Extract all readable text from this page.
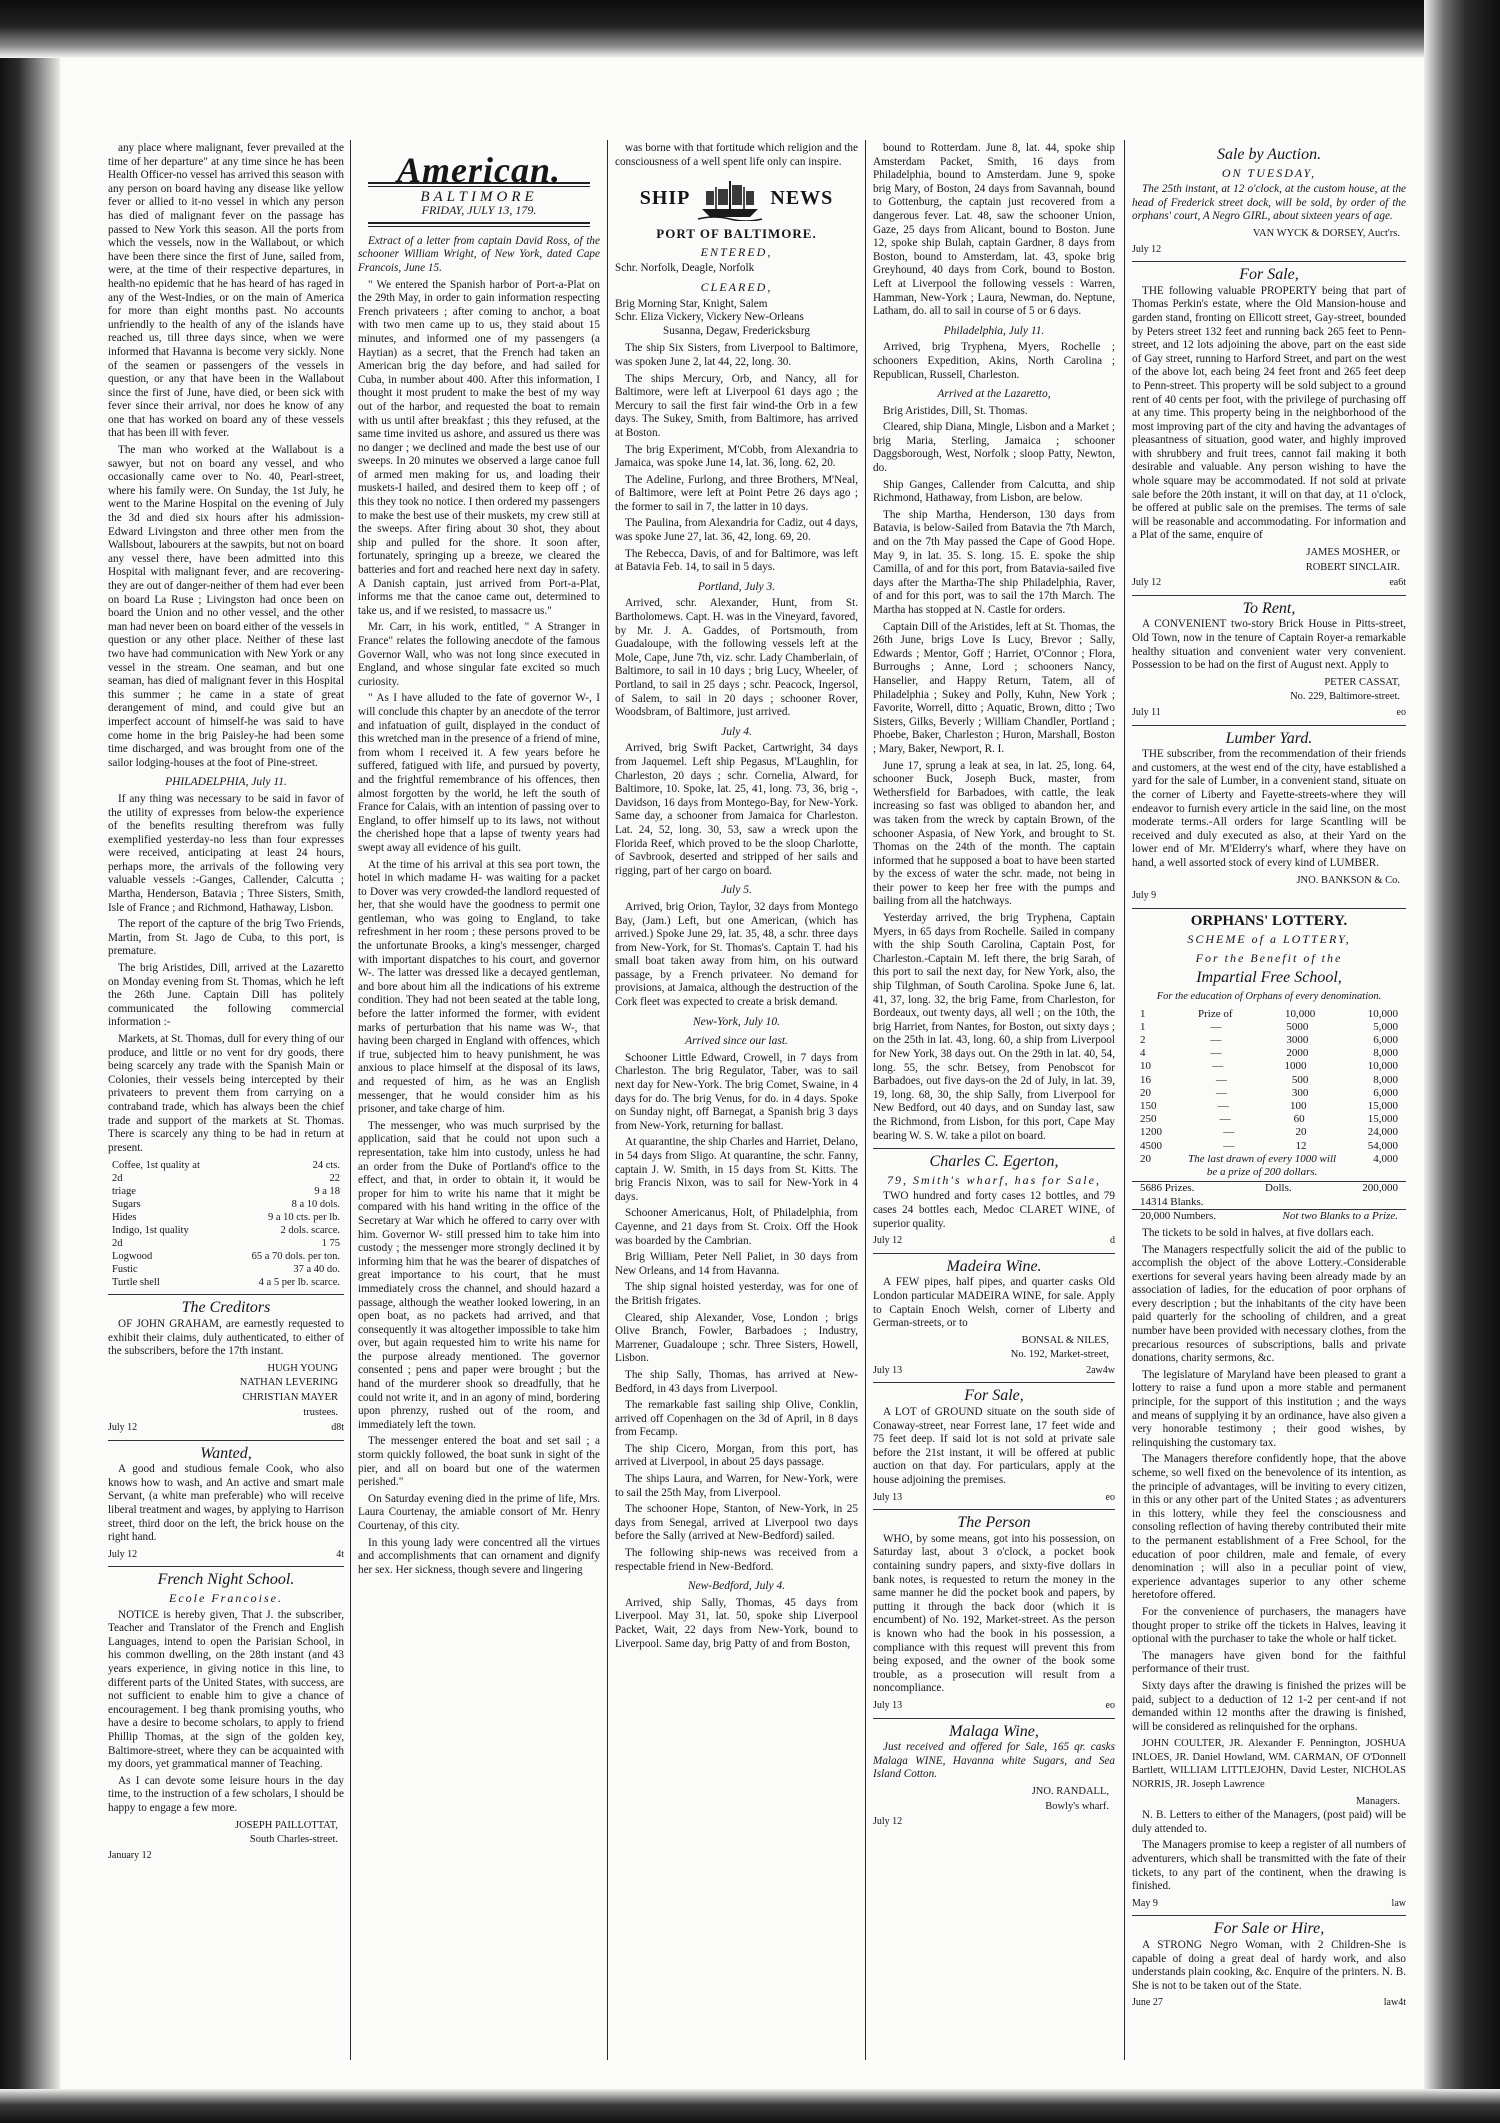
any place where malignant, fever prevailed at the time of her departure" at any time since he has been Health Officer-no vessel has arrived this season with any person on board having any disease like yellow fever or allied to it-no vessel in which any person has died of malignant fever on the passage has passed to New York this season. All the ports from which the vessels, now in the Wallabout, or which have been there since the first of June, sailed from, were, at the time of their respective departures, in health-no epidemic that he has heard of has raged in any of the West-Indies, or on the main of America for more than eight months past. No accounts unfriendly to the health of any of the islands have reached us, till three days since, when we were informed that Havanna is become very sickly. None of the seamen or passengers of the vessels in question, or any that have been in the Wallabout since the first of June, have died, or been sick with fever since their arrival, nor does he know of any one that has worked on board any of these vessels that has been ill with fever.

The man who worked at the Wallabout is a sawyer, but not on board any vessel, and who occasionally came over to No. 40, Pearl-street, where his family were. On Sunday, the 1st July, he went to the Marine Hospital on the evening of July the 3d and died six hours after his admission-Edward Livingston and three other men from the Wallsbout, labourers at the sawpits, but not on board any vessel there, have been admitted into this Hospital with malignant fever, and are recovering-they are out of danger-neither of them had ever been on board La Ruse ; Livingston had once been on board the Union and no other vessel, and the other man had never been on board either of the vessels in question or any other place. Neither of these last two have had communication with New York or any vessel in the stream. One seaman, and but one seaman, has died of malignant fever in this Hospital this summer ; he came in a state of great derangement of mind, and could give but an imperfect account of himself-he was said to have come home in the brig Paisley-he had been some time discharged, and was brought from one of the sailor lodging-houses at the foot of Pine-street.

PHILADELPHIA, July 11.

If any thing was necessary to be said in favor of the utility of expresses from below-the experience of the benefits resulting therefrom was fully exemplified yesterday-no less than four expresses were received, anticipating at least 24 hours, perhaps more, the arrivals of the following very valuable vessels :-Ganges, Callender, Calcutta ; Martha, Henderson, Batavia ; Three Sisters, Smith, Isle of France ; and Richmond, Hathaway, Lisbon.

The report of the capture of the brig Two Friends, Martin, from St. Jago de Cuba, to this port, is premature.

The brig Aristides, Dill, arrived at the Lazaretto on Monday evening from St. Thomas, which he left the 26th June. Captain Dill has politely communicated the following commercial information :-

Markets, at St. Thomas, dull for every thing of our produce, and little or no vent for dry goods, there being scarcely any trade with the Spanish Main or Colonies, their vessels being intercepted by their privateers to prevent them from carrying on a contraband trade, which has always been the chief trade and support of the markets at St. Thomas. There is scarcely any thing to be had in return at present.

Coffee, 1st quality at	24 cts.
2d	22
triage	9 a 18
Sugars	8 a 10 dols.
Hides	9 a 10 cts. per lb.
Indigo, 1st quality	2 dols. scarce.
2d	1 75
Logwood	65 a 70 dols. per ton.
Fustic	37 a 40 do.
Turtle shell	4 a 5 per lb. scarce.
The Creditors

OF JOHN GRAHAM, are earnestly requested to exhibit their claims, duly authenticated, to either of the subscribers, before the 17th instant.

HUGH YOUNG
NATHAN LEVERING
CHRISTIAN MAYER
trustees.
July 12	d8t
Wanted,

A good and studious female Cook, who also knows how to wash, and An active and smart male Servant, (a white man preferable) who will receive liberal treatment and wages, by applying to Harrison street, third door on the left, the brick house on the right hand.

July 12	4t
French Night School.
Ecole Francoise.

NOTICE is hereby given, That J. the subscriber, Teacher and Translator of the French and English Languages, intend to open the Parisian School, in his common dwelling, on the 28th instant (and 43 years experience, in giving notice in this line, to different parts of the United States, with success, are not sufficient to enable him to give a chance of encouragement. I beg thank promising youths, who have a desire to become scholars, to apply to friend Phillip Thomas, at the sign of the golden key, Baltimore-street, where they can be acquainted with my doors, yet grammatical manner of Teaching.

As I can devote some leisure hours in the day time, to the instruction of a few scholars, I should be happy to engage a few more.

JOSEPH PAILLOTTAT,
South Charles-street.
January 12
American.
BALTIMORE
FRIDAY, JULY 13, 179.

Extract of a letter from captain David Ross, of the schooner William Wright, of New York, dated Cape Francois, June 15.

" We entered the Spanish harbor of Port-a-Plat on the 29th May, in order to gain information respecting French privateers ; after coming to anchor, a boat with two men came up to us, they staid about 15 minutes, and informed one of my passengers (a Haytian) as a secret, that the French had taken an American brig the day before, and had sailed for Cuba, in number about 400. After this information, I thought it most prudent to make the best of my way out of the harbor, and requested the boat to remain with us until after breakfast ; this they refused, at the same time invited us ashore, and assured us there was no danger ; we declined and made the best use of our sweeps. In 20 minutes we observed a large canoe full of armed men making for us, and loading their muskets-I hailed, and desired them to keep off ; of this they took no notice. I then ordered my passengers to make the best use of their muskets, my crew still at the sweeps. After firing about 30 shot, they about ship and pulled for the shore. It soon after, fortunately, springing up a breeze, we cleared the batteries and fort and reached here next day in safety. A Danish captain, just arrived from Port-a-Plat, informs me that the canoe came out, determined to take us, and if we resisted, to massacre us."

Mr. Carr, in his work, entitled, " A Stranger in France" relates the following anecdote of the famous Governor Wall, who was not long since executed in England, and whose singular fate excited so much curiosity.

" As I have alluded to the fate of governor W-, I will conclude this chapter by an anecdote of the terror and infatuation of guilt, displayed in the conduct of this wretched man in the presence of a friend of mine, from whom I received it. A few years before he suffered, fatigued with life, and pursued by poverty, and the frightful remembrance of his offences, then almost forgotten by the world, he left the south of France for Calais, with an intention of passing over to England, to offer himself up to its laws, not without the cherished hope that a lapse of twenty years had swept away all evidence of his guilt.

At the time of his arrival at this sea port town, the hotel in which madame H- was waiting for a packet to Dover was very crowded-the landlord requested of her, that she would have the goodness to permit one gentleman, who was going to England, to take refreshment in her room ; these persons proved to be the unfortunate Brooks, a king's messenger, charged with important dispatches to his court, and governor W-. The latter was dressed like a decayed gentleman, and bore about him all the indications of his extreme condition. They had not been seated at the table long, before the latter informed the former, with evident marks of perturbation that his name was W-, that having been charged in England with offences, which if true, subjected him to heavy punishment, he was anxious to place himself at the disposal of its laws, and requested of him, as he was an English messenger, that he would consider him as his prisoner, and take charge of him.

The messenger, who was much surprised by the application, said that he could not upon such a representation, take him into custody, unless he had an order from the Duke of Portland's office to the effect, and that, in order to obtain it, it would be proper for him to write his name that it might be compared with his hand writing in the office of the Secretary at War which he offered to carry over with him. Governor W- still pressed him to take him into custody ; the messenger more strongly declined it by informing him that he was the bearer of dispatches of great importance to his court, that he must immediately cross the channel, and should hazard a passage, although the weather looked lowering, in an open boat, as no packets had arrived, and that consequently it was altogether impossible to take him over, but again requested him to write his name for the purpose already mentioned. The governor consented ; pens and paper were brought ; but the hand of the murderer shook so dreadfully, that he could not write it, and in an agony of mind, bordering upon phrenzy, rushed out of the room, and immediately left the town.

The messenger entered the boat and set sail ; a storm quickly followed, the boat sunk in sight of the pier, and all on board but one of the watermen perished."

On Saturday evening died in the prime of life, Mrs. Laura Courtenay, the amiable consort of Mr. Henry Courtenay, of this city.

In this young lady were concentred all the virtues and accomplishments that can ornament and dignify her sex. Her sickness, though severe and lingering

was borne with that fortitude which religion and the consciousness of a well spent life only can inspire.

SHIP	NEWS
PORT OF BALTIMORE.
ENTERED,
Schr. Norfolk, Deagle, Norfolk
CLEARED,
Brig Morning Star, Knight, Salem
Schr. Eliza Vickery, Vickery New-Orleans
Susanna, Degaw, Fredericksburg

The ship Six Sisters, from Liverpool to Baltimore, was spoken June 2, lat 44, 22, long. 30.

The ships Mercury, Orb, and Nancy, all for Baltimore, were left at Liverpool 61 days ago ; the Mercury to sail the first fair wind-the Orb in a few days. The Sukey, Smith, from Baltimore, has arrived at Boston.

The brig Experiment, M'Cobb, from Alexandria to Jamaica, was spoke June 14, lat. 36, long. 62, 20.

The Adeline, Furlong, and three Brothers, M'Neal, of Baltimore, were left at Point Petre 26 days ago ; the former to sail in 7, the latter in 10 days.

The Paulina, from Alexandria for Cadiz, out 4 days, was spoke June 27, lat. 36, 42, long. 69, 20.

The Rebecca, Davis, of and for Baltimore, was left at Batavia Feb. 14, to sail in 5 days.

Portland, July 3.

Arrived, schr. Alexander, Hunt, from St. Bartholomews. Capt. H. was in the Vineyard, favored, by Mr. J. A. Gaddes, of Portsmouth, from Guadaloupe, with the following vessels left at the Mole, Cape, June 7th, viz. schr. Lady Chamberlain, of Baltimore, to sail in 10 days ; brig Lucy, Wheeler, of Portland, to sail in 25 days ; schr. Peacock, Ingersol, of Salem, to sail in 20 days ; schooner Rover, Woodsbram, of Baltimore, just arrived.

July 4.

Arrived, brig Swift Packet, Cartwright, 34 days from Jaquemel. Left ship Pegasus, M'Laughlin, for Charleston, 20 days ; schr. Cornelia, Alward, for Baltimore, 10. Spoke, lat. 25, 41, long. 73, 36, brig -, Davidson, 16 days from Montego-Bay, for New-York. Same day, a schooner from Jamaica for Charleston. Lat. 24, 52, long. 30, 53, saw a wreck upon the Florida Reef, which proved to be the sloop Charlotte, of Savbrook, deserted and stripped of her sails and rigging, part of her cargo on board.

July 5.

Arrived, brig Orion, Taylor, 32 days from Montego Bay, (Jam.) Left, but one American, (which has arrived.) Spoke June 29, lat. 35, 48, a schr. three days from New-York, for St. Thomas's. Captain T. had his small boat taken away from him, on his outward passage, by a French privateer. No demand for provisions, at Jamaica, although the destruction of the Cork fleet was expected to create a brisk demand.

New-York, July 10.
Arrived since our last.

Schooner Little Edward, Crowell, in 7 days from Charleston. The brig Regulator, Taber, was to sail next day for New-York. The brig Comet, Swaine, in 4 days for do. The brig Venus, for do. in 4 days. Spoke on Sunday night, off Barnegat, a Spanish brig 3 days from New-York, returning for ballast.

At quarantine, the ship Charles and Harriet, Delano, in 54 days from Sligo. At quarantine, the schr. Fanny, captain J. W. Smith, in 15 days from St. Kitts. The brig Francis Nixon, was to sail for New-York in 4 days.

Schooner Americanus, Holt, of Philadelphia, from Cayenne, and 21 days from St. Croix. Off the Hook was boarded by the Cambrian.

Brig William, Peter Nell Paliet, in 30 days from New Orleans, and 14 from Havanna.

The ship signal hoisted yesterday, was for one of the British frigates.

Cleared, ship Alexander, Vose, London ; brigs Olive Branch, Fowler, Barbadoes ; Industry, Marrener, Guadaloupe ; schr. Three Sisters, Howell, Lisbon.

The ship Sally, Thomas, has arrived at New-Bedford, in 43 days from Liverpool.

The remarkable fast sailing ship Olive, Conklin, arrived off Copenhagen on the 3d of April, in 8 days from Fecamp.

The ship Cicero, Morgan, from this port, has arrived at Liverpool, in about 25 days passage.

The ships Laura, and Warren, for New-York, were to sail the 25th May, from Liverpool.

The schooner Hope, Stanton, of New-York, in 25 days from Senegal, arrived at Liverpool two days before the Sally (arrived at New-Bedford) sailed.

The following ship-news was received from a respectable friend in New-Bedford.

New-Bedford, July 4.

Arrived, ship Sally, Thomas, 45 days from Liverpool. May 31, lat. 50, spoke ship Liverpool Packet, Wait, 22 days from New-York, bound to Liverpool. Same day, brig Patty of and from Boston,

bound to Rotterdam. June 8, lat. 44, spoke ship Amsterdam Packet, Smith, 16 days from Philadelphia, bound to Amsterdam. June 9, spoke brig Mary, of Boston, 24 days from Savannah, bound to Gottenburg, the captain just recovered from a dangerous fever. Lat. 48, saw the schooner Union, Gaze, 25 days from Alicant, bound to Boston. June 12, spoke ship Bulah, captain Gardner, 8 days from Boston, bound to Amsterdam, lat. 43, spoke brig Greyhound, 40 days from Cork, bound to Boston. Left at Liverpool the following vessels : Warren, Hamman, New-York ; Laura, Newman, do. Neptune, Latham, do. all to sail in course of 5 or 6 days.

Philadelphia, July 11.

Arrived, brig Tryphena, Myers, Rochelle ; schooners Expedition, Akins, North Carolina ; Republican, Russell, Charleston.

Arrived at the Lazaretto,

Brig Aristides, Dill, St. Thomas.

Cleared, ship Diana, Mingle, Lisbon and a Market ; brig Maria, Sterling, Jamaica ; schooner Daggsborough, West, Norfolk ; sloop Patty, Newton, do.

Ship Ganges, Callender from Calcutta, and ship Richmond, Hathaway, from Lisbon, are below.

The ship Martha, Henderson, 130 days from Batavia, is below-Sailed from Batavia the 7th March, and on the 7th May passed the Cape of Good Hope. May 9, in lat. 35. S. long. 15. E. spoke the ship Camilla, of and for this port, from Batavia-sailed five days after the Martha-The ship Philadelphia, Raver, of and for this port, was to sail the 17th March. The Martha has stopped at N. Castle for orders.

Captain Dill of the Aristides, left at St. Thomas, the 26th June, brigs Love Is Lucy, Brevor ; Sally, Edwards ; Mentor, Goff ; Harriet, O'Connor ; Flora, Burroughs ; Anne, Lord ; schooners Nancy, Hanselier, and Happy Return, Tatem, all of Philadelphia ; Sukey and Polly, Kuhn, New York ; Favorite, Worrell, ditto ; Aquatic, Brown, ditto ; Two Sisters, Gilks, Beverly ; William Chandler, Portland ; Phoebe, Baker, Charleston ; Huron, Marshall, Boston ; Mary, Baker, Newport, R. I.

June 17, sprung a leak at sea, in lat. 25, long. 64, schooner Buck, Joseph Buck, master, from Wethersfield for Barbadoes, with cattle, the leak increasing so fast was obliged to abandon her, and was taken from the wreck by captain Brown, of the schooner Aspasia, of New York, and brought to St. Thomas on the 24th of the month. The captain informed that he supposed a boat to have been started by the excess of water the schr. made, not being in their power to keep her free with the pumps and bailing from all the hatchways.

Yesterday arrived, the brig Tryphena, Captain Myers, in 65 days from Rochelle. Sailed in company with the ship South Carolina, Captain Post, for Charleston.-Captain M. left there, the brig Sarah, of this port to sail the next day, for New York, also, the ship Tilghman, of South Carolina. Spoke June 6, lat. 41, 37, long. 32, the brig Fame, from Charleston, for Bordeaux, out twenty days, all well ; on the 10th, the brig Harriet, from Nantes, for Boston, out sixty days ; on the 25th in lat. 43, long. 60, a ship from Liverpool for New York, 38 days out. On the 29th in lat. 40, 54, long. 55, the schr. Betsey, from Penobscot for Barbadoes, out five days-on the 2d of July, in lat. 39, 19, long. 68, 30, the ship Sally, from Liverpool for New Bedford, out 40 days, and on Sunday last, saw the Richmond, from Lisbon, for this port, Cape May bearing W. S. W. take a pilot on board.

Charles C. Egerton,
79, Smith's wharf, has for Sale,

TWO hundred and forty cases 12 bottles, and 79 cases 24 bottles each, Medoc CLARET WINE, of superior quality.

July 12	d
Madeira Wine.

A FEW pipes, half pipes, and quarter casks Old London particular MADEIRA WINE, for sale. Apply to Captain Enoch Welsh, corner of Liberty and German-streets, or to

BONSAL & NILES,
No. 192, Market-street,
July 13	2aw4w
For Sale,

A LOT of GROUND situate on the south side of Conaway-street, near Forrest lane, 17 feet wide and 75 feet deep. If said lot is not sold at private sale before the 21st instant, it will be offered at public auction on that day. For particulars, apply at the house adjoining the premises.

July 13	eo
The Person

WHO, by some means, got into his possession, on Saturday last, about 3 o'clock, a pocket book containing sundry papers, and sixty-five dollars in bank notes, is requested to return the money in the same manner he did the pocket book and papers, by putting it through the back door (which it is encumbent) of No. 192, Market-street. As the person is known who had the book in his possession, a compliance with this request will prevent this from being exposed, and the owner of the book some trouble, as a prosecution will result from a noncompliance.

July 13	eo
Malaga Wine,

Just received and offered for Sale, 165 qr. casks Malaga WINE, Havanna white Sugars, and Sea Island Cotton.

JNO. RANDALL,
Bowly's wharf.
July 12
Sale by Auction.
ON TUESDAY,

The 25th instant, at 12 o'clock, at the custom house, at the head of Frederick street dock, will be sold, by order of the orphans' court, A Negro GIRL, about sixteen years of age.

VAN WYCK & DORSEY, Auct'rs.
July 12
For Sale,

THE following valuable PROPERTY being that part of Thomas Perkin's estate, where the Old Mansion-house and garden stand, fronting on Ellicott street, Gay-street, bounded by Peters street 132 feet and running back 265 feet to Penn-street, and 12 lots adjoining the above, part on the east side of Gay street, running to Harford Street, and part on the west of the above lot, each being 24 feet front and 265 feet deep to Penn-street. This property will be sold subject to a ground rent of 40 cents per foot, with the privilege of purchasing off at any time. This property being in the neighborhood of the most improving part of the city and having the advantages of pleasantness of situation, good water, and highly improved with shrubbery and fruit trees, cannot fail making it both desirable and valuable. Any person wishing to have the whole square may be accommodated. If not sold at private sale before the 20th instant, it will on that day, at 11 o'clock, be offered at public sale on the premises. The terms of sale will be reasonable and accommodating. For information and a Plat of the same, enquire of

JAMES MOSHER, or
ROBERT SINCLAIR.
July 12	ea6t
To Rent,

A CONVENIENT two-story Brick House in Pitts-street, Old Town, now in the tenure of Captain Royer-a remarkable healthy situation and convenient water very convenient. Possession to be had on the first of August next. Apply to

PETER CASSAT,
No. 229, Baltimore-street.
July 11	eo
Lumber Yard.

THE subscriber, from the recommendation of their friends and customers, at the west end of the city, have established a yard for the sale of Lumber, in a convenient stand, situate on the corner of Liberty and Fayette-streets-where they will endeavor to furnish every article in the said line, on the most moderate terms.-All orders for large Scantling will be received and duly executed as also, at their Yard on the lower end of Mr. M'Elderry's wharf, where they have on hand, a well assorted stock of every kind of LUMBER.

JNO. BANKSON & Co.
July 9
ORPHANS' LOTTERY.
SCHEME of a LOTTERY,
For the Benefit of the
Impartial Free School,
For the education of Orphans of every denomination.
1	Prize of	10,000	10,000
1	—	5000	5,000
2	—	3000	6,000
4	—	2000	8,000
10	—	1000	10,000
16	—	500	8,000
20	—	300	6,000
150	—	100	15,000
250	—	60	15,000
1200	—	20	24,000
4500	—	12	54,000
20	The last drawn of every 1000 will be a prize of 200 dollars.
4,000
5686 Prizes.	Dolls.	200,000
14314 Blanks.
20,000 Numbers.	Not two Blanks to a Prize.

The tickets to be sold in halves, at five dollars each.

The Managers respectfully solicit the aid of the public to accomplish the object of the above Lottery.-Considerable exertions for several years having been already made by an association of ladies, for the education of poor orphans of every description ; but the inhabitants of the city have been paid quarterly for the schooling of children, and a great number have been provided with necessary clothes, from the precarious resources of subscriptions, balls and private donations, charity sermons, &c.

The legislature of Maryland have been pleased to grant a lottery to raise a fund upon a more stable and permanent principle, for the support of this institution ; and the ways and means of supplying it by an ordinance, have also given a very honorable testimony ; their good wishes, by relinquishing the customary tax.

The Managers therefore confidently hope, that the above scheme, so well fixed on the benevolence of its intention, as the principle of advantages, will be inviting to every citizen, in this or any other part of the United States ; as adventurers in this lottery, while they feel the consciousness and consoling reflection of having thereby contributed their mite to the permanent establishment of a Free School, for the education of poor children, male and female, of every denomination ; will also in a peculiar point of view, experience advantages superior to any other scheme heretofore offered.

For the convenience of purchasers, the managers have thought proper to strike off the tickets in Halves, leaving it optional with the purchaser to take the whole or half ticket.

The managers have given bond for the faithful performance of their trust.

Sixty days after the drawing is finished the prizes will be paid, subject to a deduction of 12 1-2 per cent-and if not demanded within 12 months after the drawing is finished, will be considered as relinquished for the orphans.

JOHN COULTER, JR. Alexander F. Pennington, JOSHUA INLOES, JR. Daniel Howland, WM. CARMAN, OF O'Donnell Bartlett, WILLIAM LITTLEJOHN, David Lester, NICHOLAS NORRIS, JR. Joseph Lawrence

Managers.

N. B. Letters to either of the Managers, (post paid) will be duly attended to.

The Managers promise to keep a register of all numbers of adventurers, which shall be transmitted with the fate of their tickets, to any part of the continent, when the drawing is finished.

May 9	law
For Sale or Hire,

A STRONG Negro Woman, with 2 Children-She is capable of doing a great deal of hardy work, and also understands plain cooking, &c. Enquire of the printers. N. B. She is not to be taken out of the State.

June 27	law4t
